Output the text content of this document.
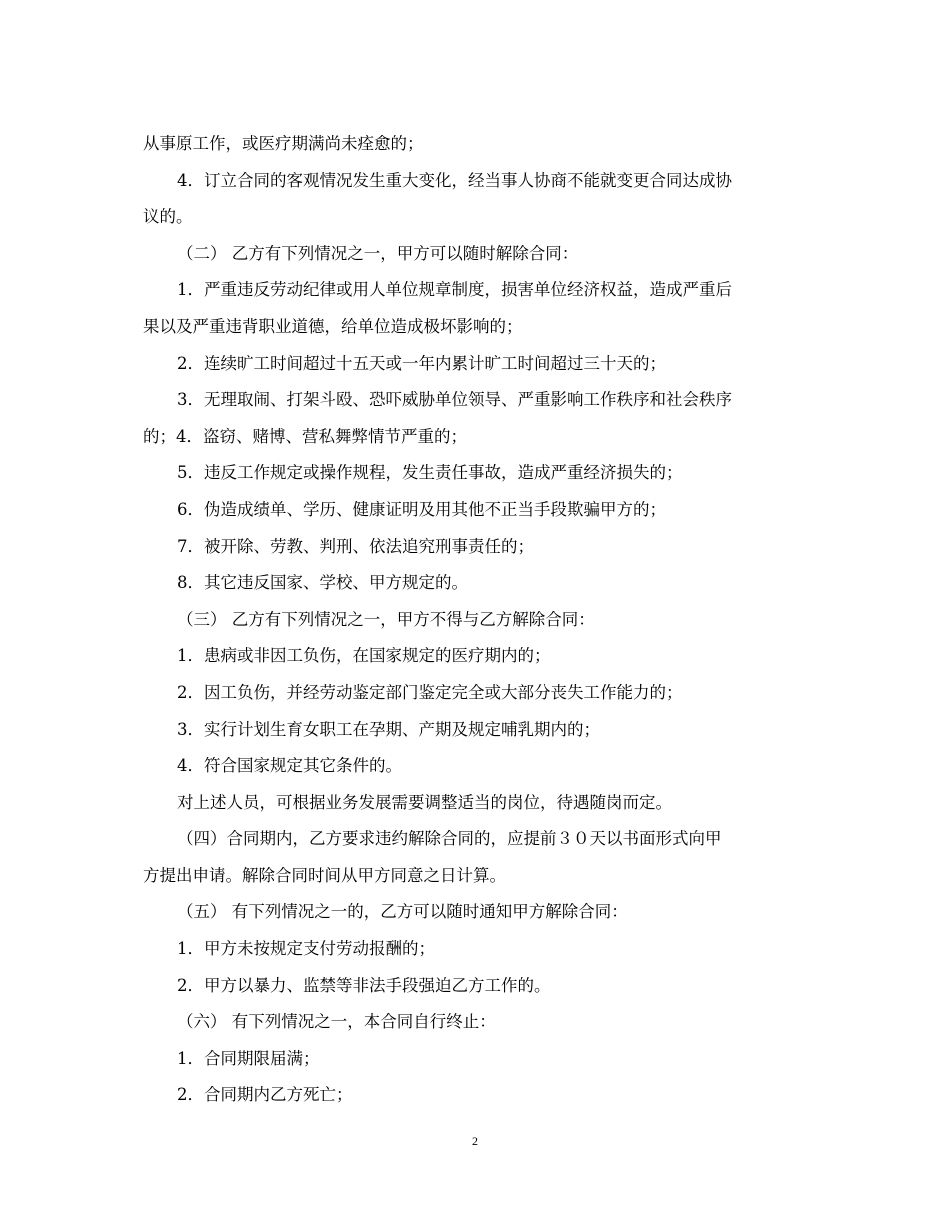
从事原工作，或医疗期满尚未痊愈的；
4．订立合同的客观情况发生重大变化，经当事人协商不能就变更合同达成协
议的。
（二） 乙方有下列情况之一，甲方可以随时解除合同：
1．严重违反劳动纪律或用人单位规章制度，损害单位经济权益，造成严重后
果以及严重违背职业道德，给单位造成极坏影响的；
2．连续旷工时间超过十五天或一年内累计旷工时间超过三十天的；
3．无理取闹、打架斗殴、恐吓威胁单位领导、严重影响工作秩序和社会秩序
的；4．盗窃、赌博、营私舞弊情节严重的；
5．违反工作规定或操作规程，发生责任事故，造成严重经济损失的；
6．伪造成绩单、学历、健康证明及用其他不正当手段欺骗甲方的；
7．被开除、劳教、判刑、依法追究刑事责任的；
8．其它违反国家、学校、甲方规定的。
（三） 乙方有下列情况之一，甲方不得与乙方解除合同：
1．患病或非因工负伤，在国家规定的医疗期内的；
2．因工负伤，并经劳动鉴定部门鉴定完全或大部分丧失工作能力的；
3．实行计划生育女职工在孕期、产期及规定哺乳期内的；
4．符合国家规定其它条件的。
对上述人员，可根据业务发展需要调整适当的岗位，待遇随岗而定。
（四）合同期内，乙方要求违约解除合同的，应提前３０天以书面形式向甲
方提出申请。解除合同时间从甲方同意之日计算。
（五） 有下列情况之一的，乙方可以随时通知甲方解除合同：
1．甲方未按规定支付劳动报酬的；
2．甲方以暴力、监禁等非法手段强迫乙方工作的。
（六） 有下列情况之一，本合同自行终止：
1．合同期限届满；
2．合同期内乙方死亡；
2
